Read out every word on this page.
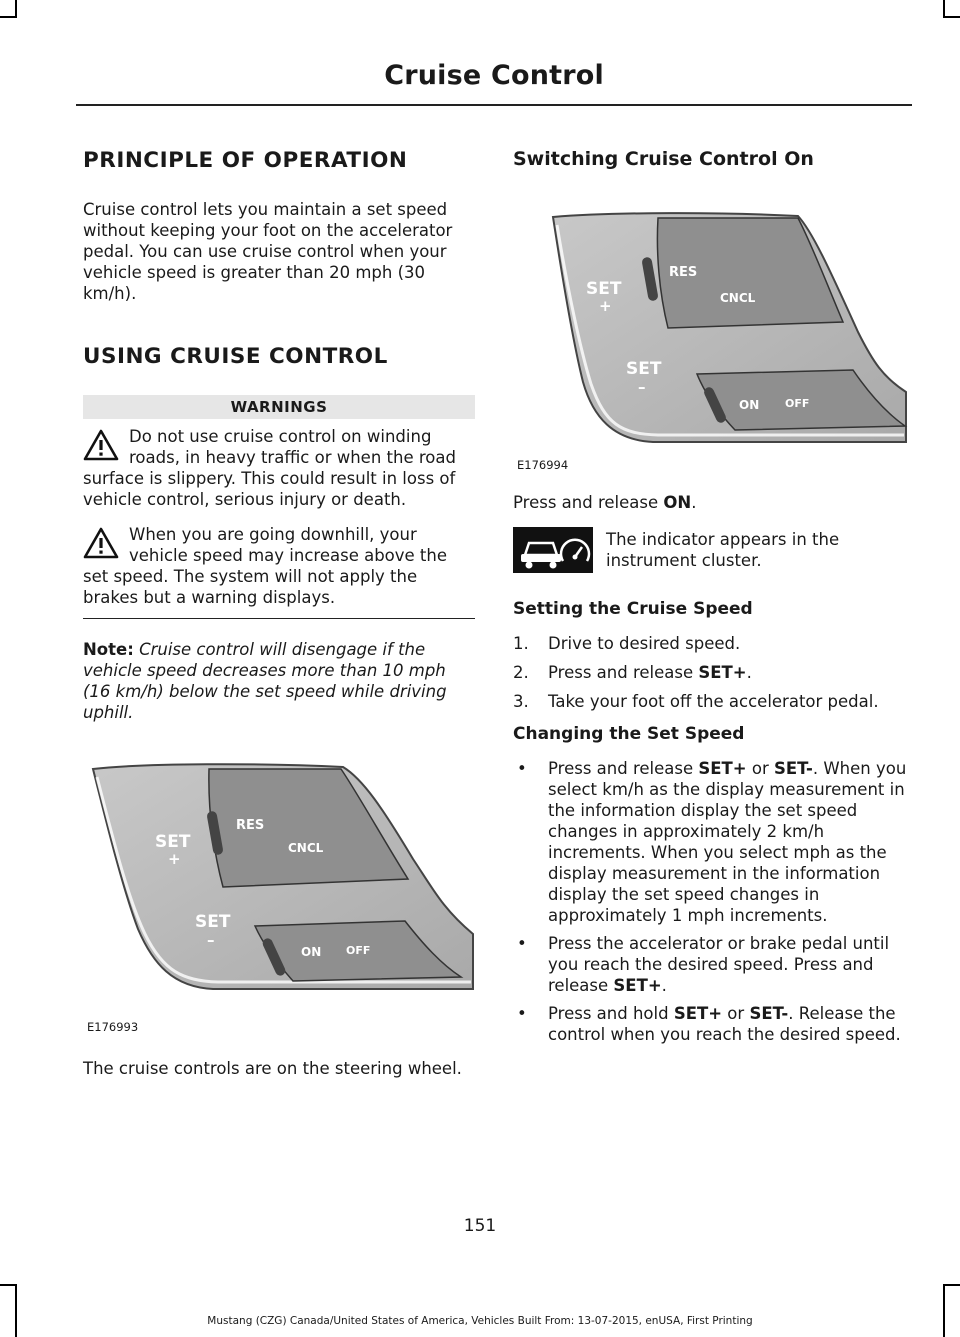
Cruise Control
PRINCIPLE OF OPERATION

Cruise control lets you maintain a set speed without keeping your foot on the accelerator pedal. You can use cruise control when your vehicle speed is greater than 20 mph (30 km/h).

USING CRUISE CONTROL
WARNINGS

Do not use cruise control on winding roads, in heavy traffic or when the road surface is slippery. This could result in loss of vehicle control, serious injury or death.

When you are going downhill, your vehicle speed may increase above the set speed. The system will not apply the brakes but a warning displays.

Note: Cruise control will disengage if the vehicle speed decreases more than 10 mph (16 km/h) below the set speed while driving uphill.

SET
+
RES
CNCL
SET
–
ON OFF
E176993

The cruise controls are on the steering wheel.

Switching Cruise Control On
SET
+
RES
CNCL
SET
–
ON OFF
E176994

Press and release ON.

The indicator appears in the instrument cluster.

Setting the Cruise Speed
1. Drive to desired speed.
2. Press and release SET+.
3. Take your foot off the accelerator pedal.
Changing the Set Speed
• Press and release SET+ or SET-. When you select km/h as the display measurement in the information display the set speed changes in approximately 2 km/h increments. When you select mph as the display measurement in the information display the set speed changes in approximately 1 mph increments.
• Press the accelerator or brake pedal until you reach the desired speed. Press and release SET+.
• Press and hold SET+ or SET-. Release the control when you reach the desired speed.
151
Mustang (CZG) Canada/United States of America, Vehicles Built From: 13-07-2015, enUSA, First Printing
